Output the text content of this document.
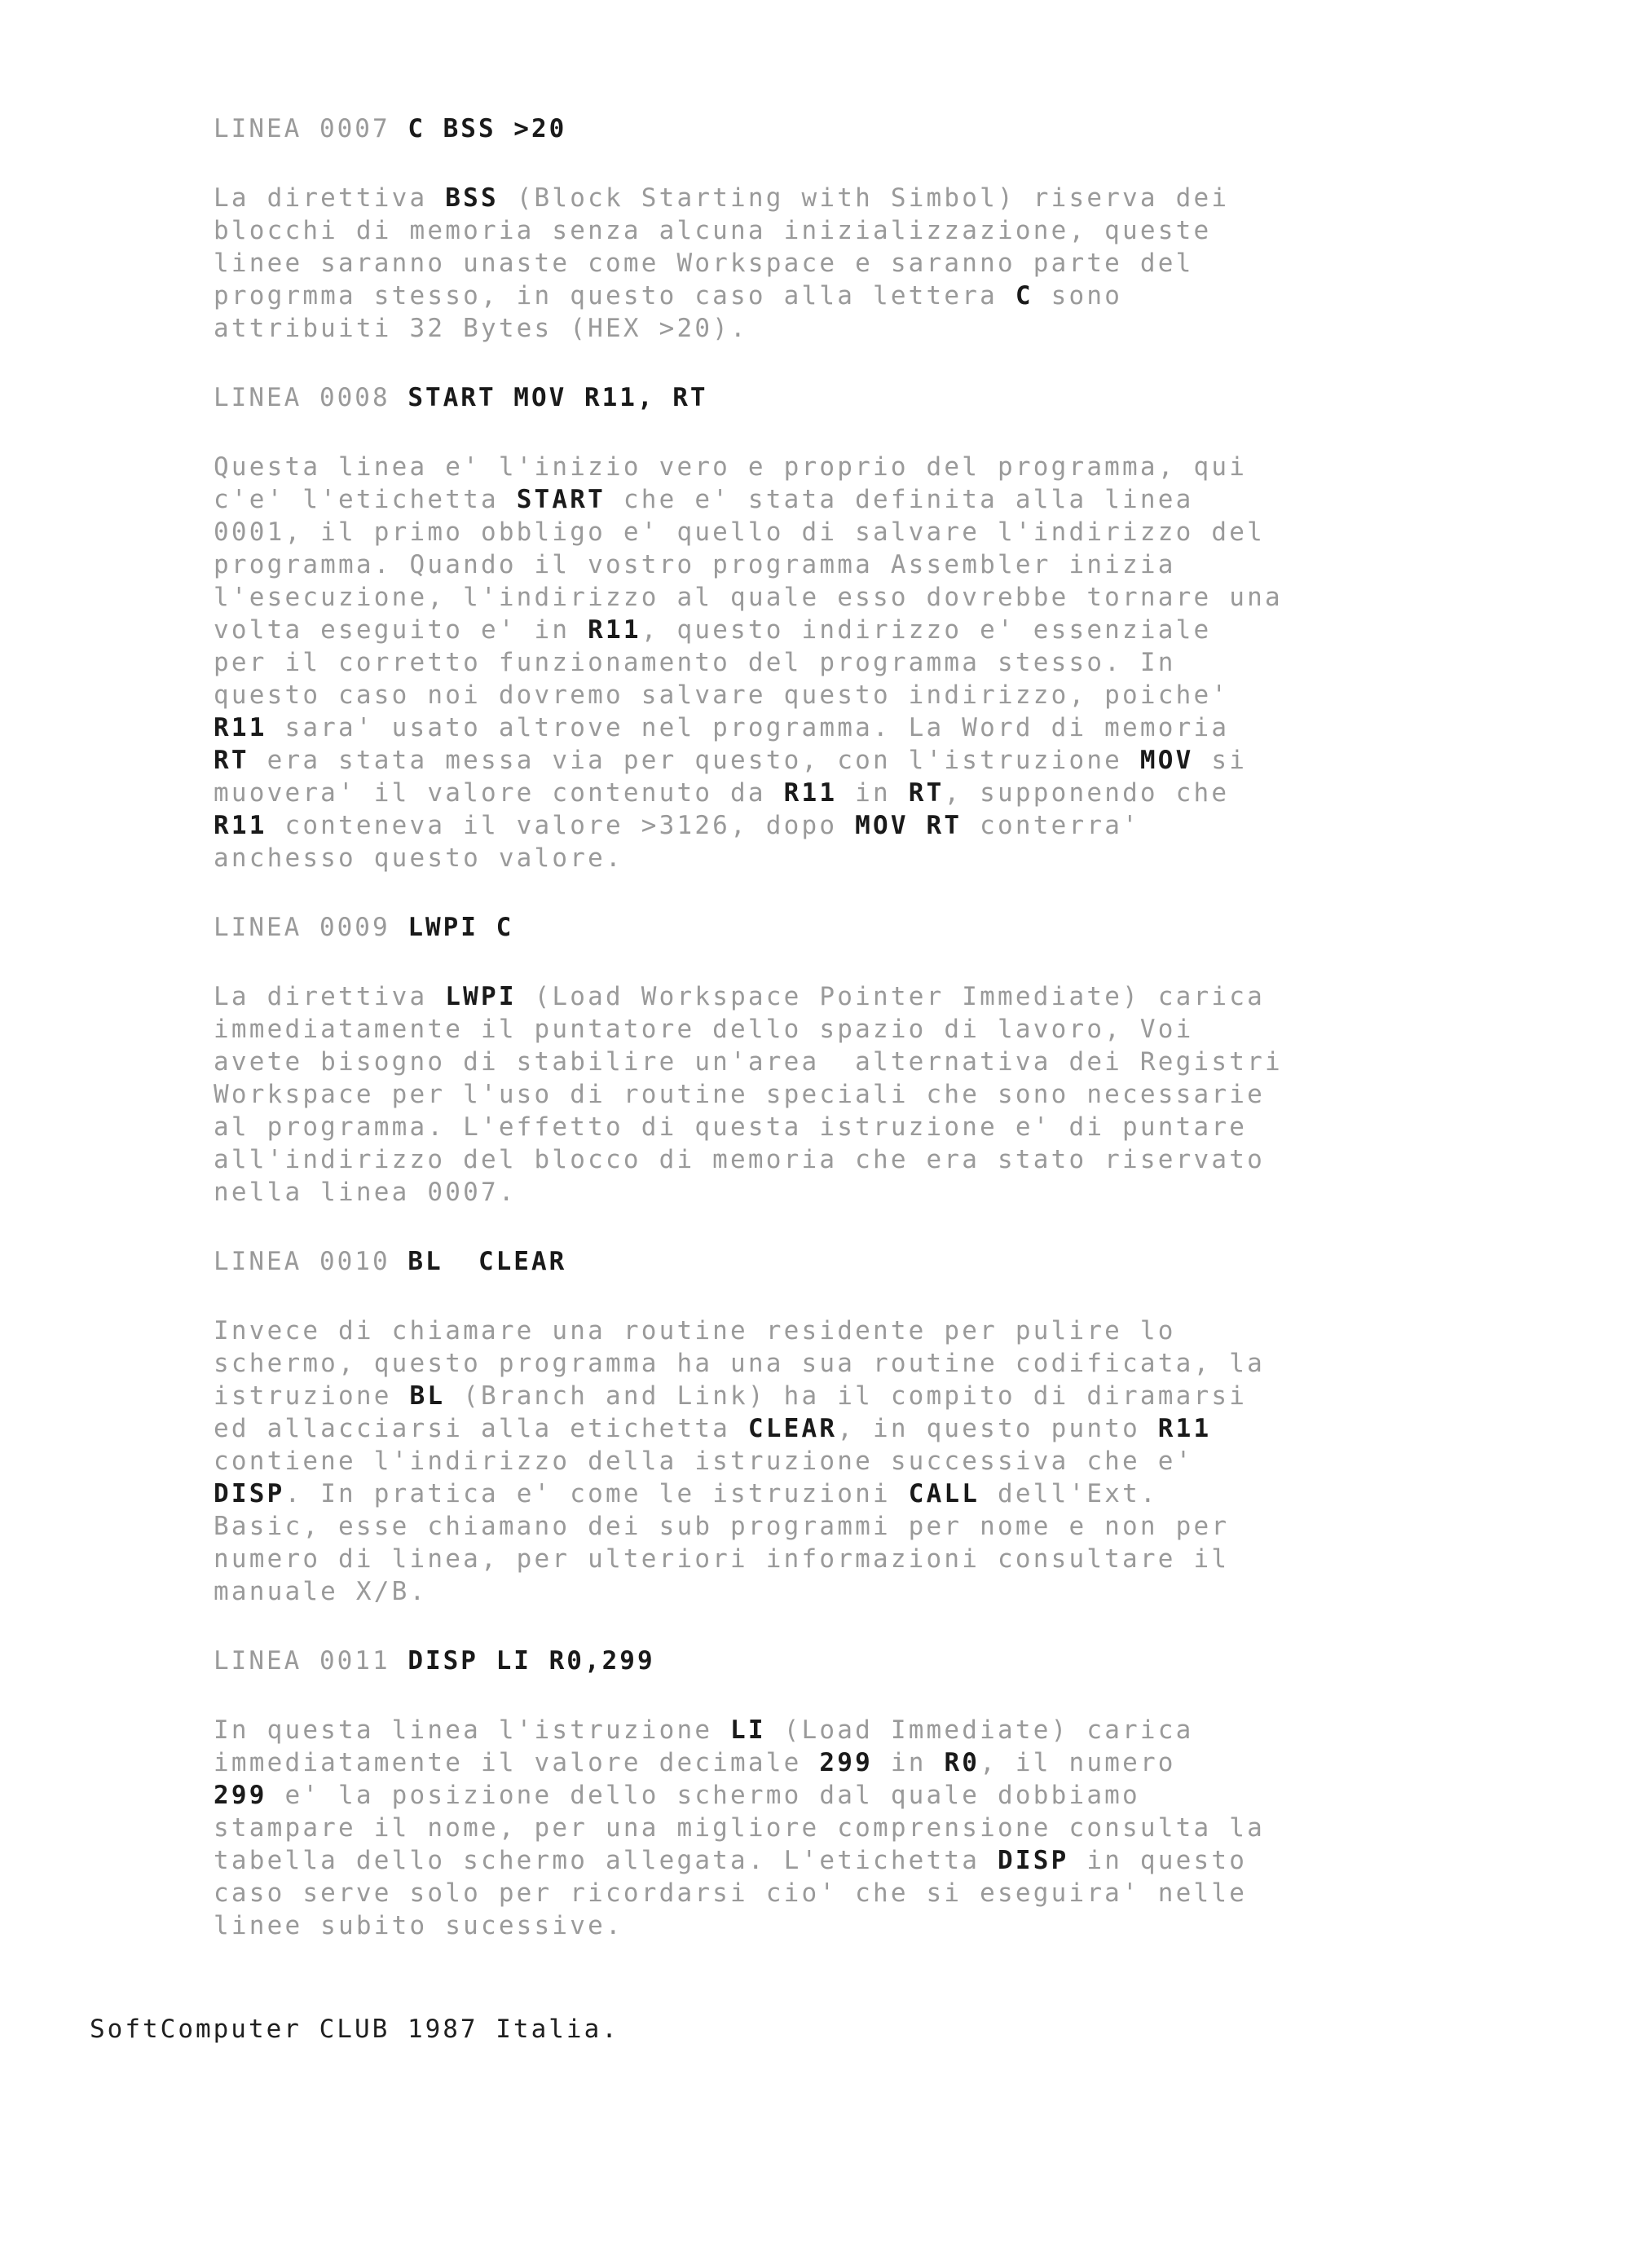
LINEA 0007 C BSS >20
La direttiva BSS (Block Starting with Simbol) riserva dei
blocchi di memoria senza alcuna inizializzazione, queste
linee saranno unaste come Workspace e saranno parte del
progrmma stesso, in questo caso alla lettera C sono
attribuiti 32 Bytes (HEX >20).
LINEA 0008 START MOV R11, RT
Questa linea e' l'inizio vero e proprio del programma, qui
c'e' l'etichetta START che e' stata definita alla linea
0001, il primo obbligo e' quello di salvare l'indirizzo del
programma. Quando il vostro programma Assembler inizia
l'esecuzione, l'indirizzo al quale esso dovrebbe tornare una
volta eseguito e' in R11, questo indirizzo e' essenziale
per il corretto funzionamento del programma stesso. In
questo caso noi dovremo salvare questo indirizzo, poiche'
R11 sara' usato altrove nel programma. La Word di memoria
RT era stata messa via per questo, con l'istruzione MOV si
muovera' il valore contenuto da R11 in RT, supponendo che
R11 conteneva il valore >3126, dopo MOV RT conterra'
anchesso questo valore.
LINEA 0009 LWPI C
La direttiva LWPI (Load Workspace Pointer Immediate) carica
immediatamente il puntatore dello spazio di lavoro, Voi
avete bisogno di stabilire un'area  alternativa dei Registri
Workspace per l'uso di routine speciali che sono necessarie
al programma. L'effetto di questa istruzione e' di puntare
all'indirizzo del blocco di memoria che era stato riservato
nella linea 0007.
LINEA 0010 BL  CLEAR
Invece di chiamare una routine residente per pulire lo
schermo, questo programma ha una sua routine codificata, la
istruzione BL (Branch and Link) ha il compito di diramarsi
ed allacciarsi alla etichetta CLEAR, in questo punto R11
contiene l'indirizzo della istruzione successiva che e'
DISP. In pratica e' come le istruzioni CALL dell'Ext.
Basic, esse chiamano dei sub programmi per nome e non per
numero di linea, per ulteriori informazioni consultare il
manuale X/B.
LINEA 0011 DISP LI R0,299
In questa linea l'istruzione LI (Load Immediate) carica
immediatamente il valore decimale 299 in R0, il numero
299 e' la posizione dello schermo dal quale dobbiamo
stampare il nome, per una migliore comprensione consulta la
tabella dello schermo allegata. L'etichetta DISP in questo
caso serve solo per ricordarsi cio' che si eseguira' nelle
linee subito sucessive.
SoftComputer CLUB 1987 Italia.
